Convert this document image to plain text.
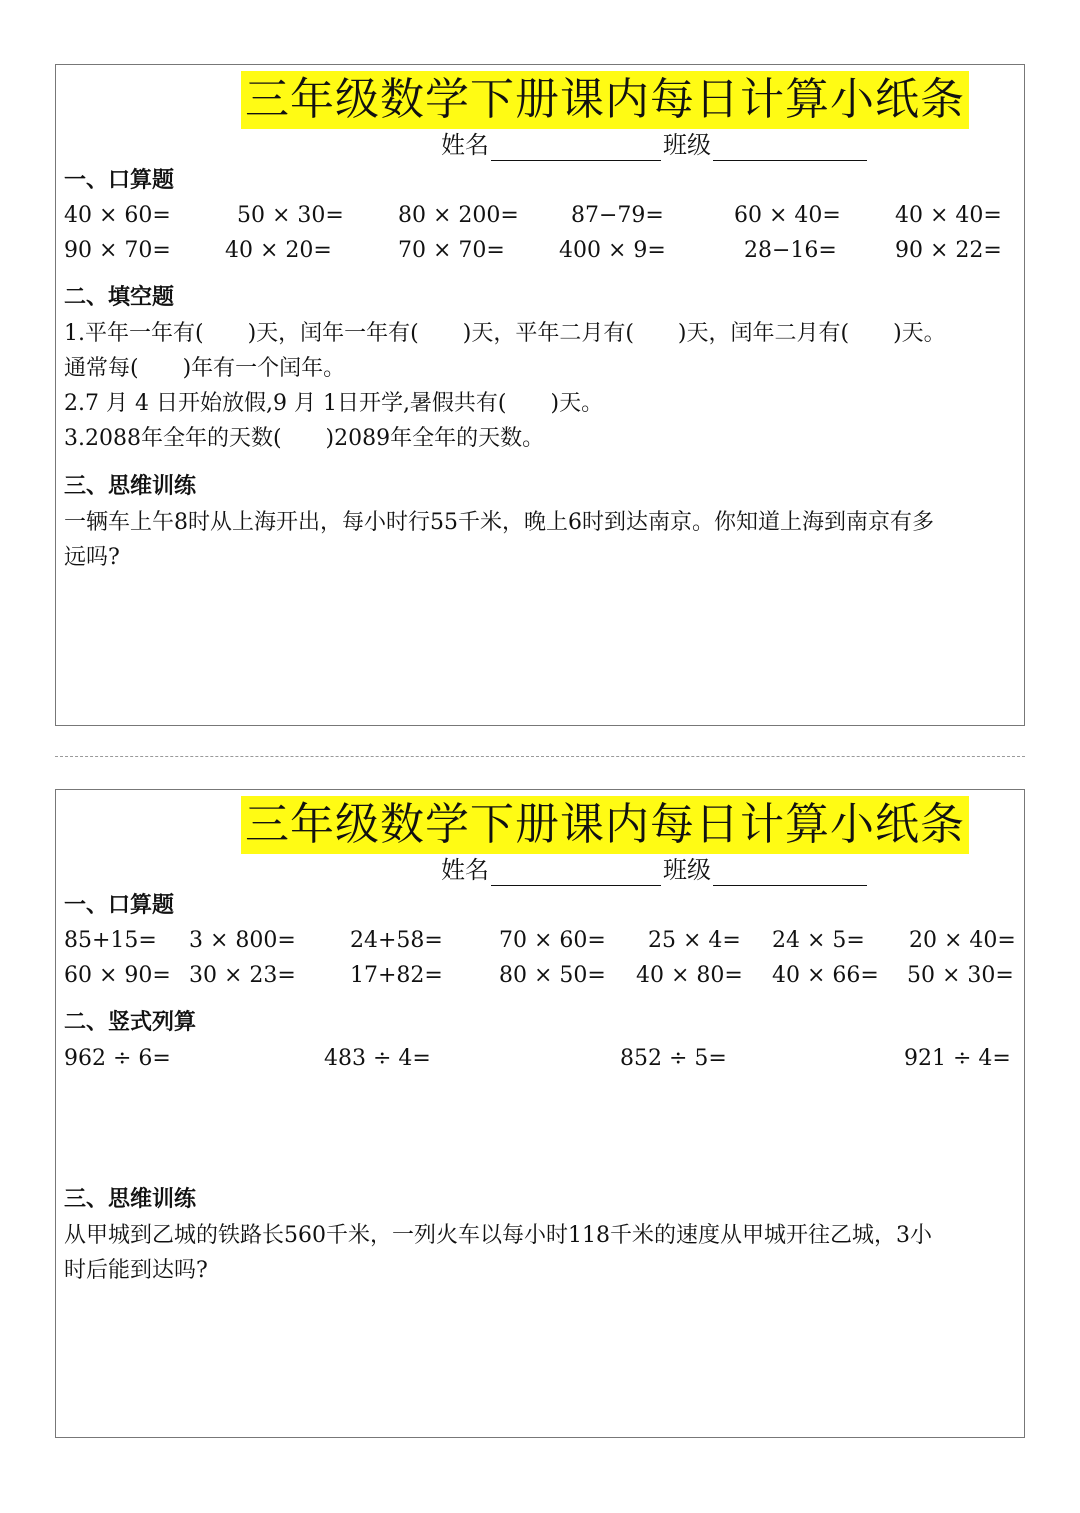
三年级数学下册课内每日计算小纸条
姓名	班级
一、口算题
40 × 60=	50 × 30= 80 × 200= 87−79=	60 × 40= 40 × 40=
90 × 70= 40 × 20=	70 × 70= 400 × 9=	28−16=	90 × 22=
二、填空题
1.平年一年有(　　)天，闰年一年有(　　)天，平年二月有(　　)天，闰年二月有(　　)天。
通常每(　　)年有一个闰年。
2.7 月 4 日开始放假,9 月 1日开学,暑假共有(　　)天。
3.2088年全年的天数(　　)2089年全年的天数。
三、思维训练
一辆车上午8时从上海开出，每小时行55千米，晚上6时到达南京。你知道上海到南京有多
远吗?
三年级数学下册课内每日计算小纸条
姓名	班级
一、口算题
85+15= 3 × 800= 24+58=	70 × 60= 25 × 4= 24 × 5= 20 × 40=
60 × 90= 30 × 23= 17+82=	80 × 50= 40 × 80= 40 × 66= 50 × 30=
二、竖式列算
962 ÷ 6=	483 ÷ 4=	852 ÷ 5=	921 ÷ 4=
三、思维训练
从甲城到乙城的铁路长560千米，一列火车以每小时118千米的速度从甲城开往乙城，3小
时后能到达吗?
